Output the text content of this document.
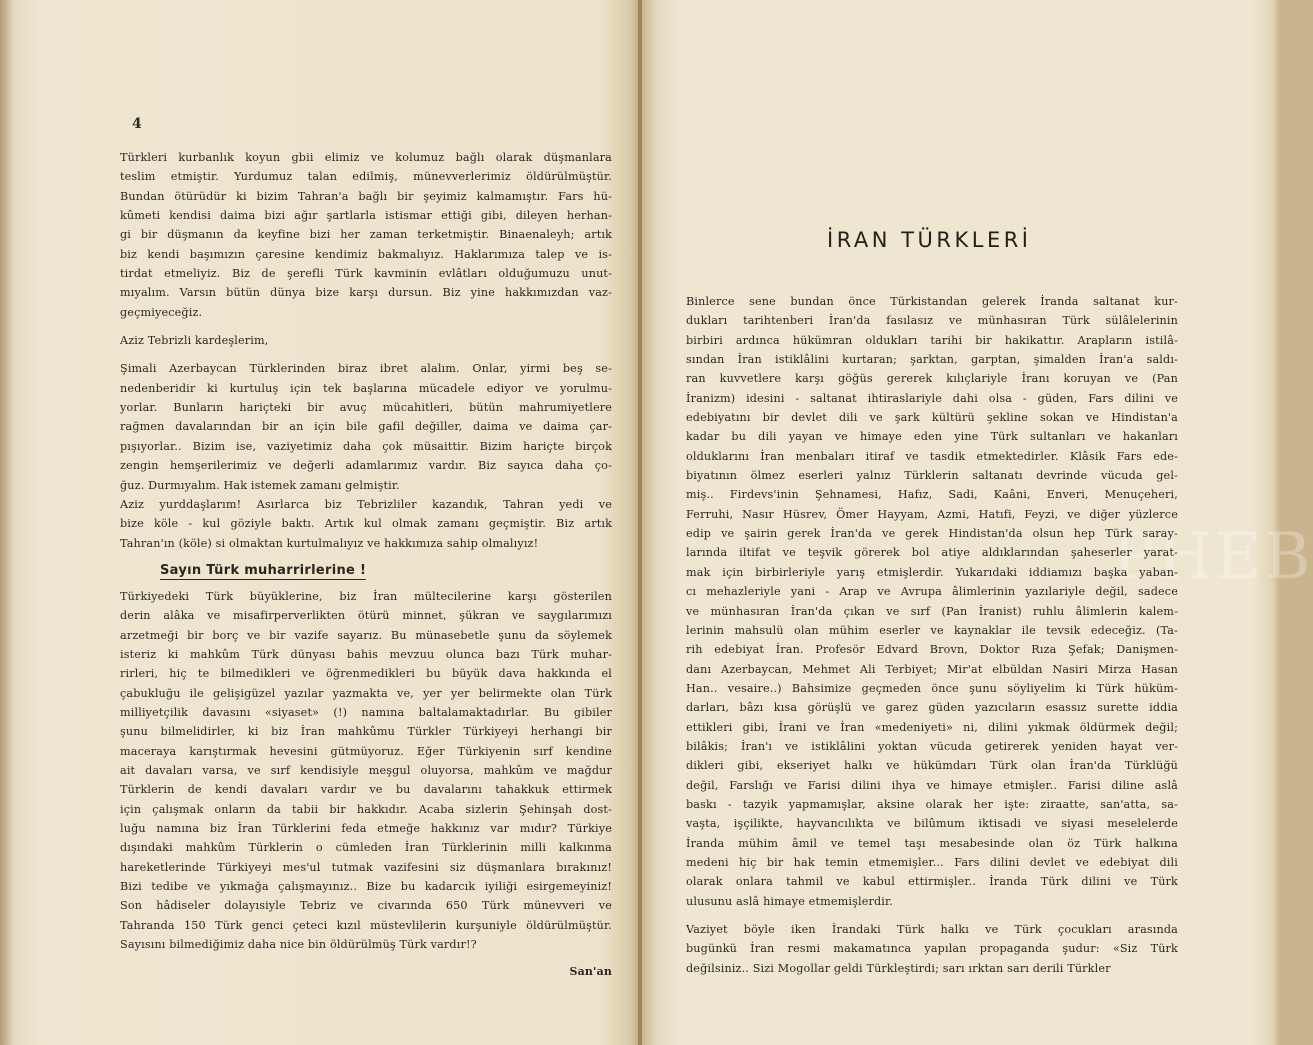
4

Türkleri kurbanlık koyun gbii elimiz ve kolumuz bağlı olarak düşmanlara
teslim etmiştir. Yurdumuz talan edilmiş, münevverlerimiz öldürülmüştür.
Bundan ötürüdür ki bizim Tahran'a bağlı bir şeyimiz kalmamıştır. Fars hü-
kûmeti kendisi daima bizi ağır şartlarla istismar ettiği gibi, dileyen herhan-
gi bir düşmanın da keyfine bizi her zaman terketmiştir. Binaenaleyh; artık
biz kendi başımızın çaresine kendimiz bakmalıyız. Haklarımıza talep ve is-
tirdat etmeliyiz. Biz de şerefli Türk kavminin evlâtları olduğumuzu unut-
mıyalım. Varsın bütün dünya bize karşı dursun. Biz yine hakkımızdan vaz-
geçmiyeceğiz.

Aziz Tebrizli kardeşlerim,

Şimali Azerbaycan Türklerinden biraz ibret alalım. Onlar, yirmi beş se-
nedenberidir ki kurtuluş için tek başlarına mücadele ediyor ve yorulmu-
yorlar. Bunların hariçteki bir avuç mücahitleri, bütün mahrumiyetlere
rağmen davalarından bir an için bile gafil değiller, daima ve daima çar-
pışıyorlar.. Bizim ise, vaziyetimiz daha çok müsaittir. Bizim hariçte birçok
zengin hemşerilerimiz ve değerli adamlarımız vardır. Biz sayıca daha ço-
ğuz. Durmıyalım. Hak istemek zamanı gelmiştir.
Aziz yurddaşlarım! Asırlarca biz Tebrizliler kazandık, Tahran yedi ve
bize köle - kul göziyle baktı. Artık kul olmak zamanı geçmiştir. Biz artık
Tahran'ın (köle) si olmaktan kurtulmalıyız ve hakkımıza sahip olmalıyız!

Sayın Türk muharrirlerine !

Türkiyedeki Türk büyüklerine, biz İran mültecilerine karşı gösterilen
derin alâka ve misafirperverlikten ötürü minnet, şükran ve saygılarımızı
arzetmeği bir borç ve bir vazife sayarız. Bu münasebetle şunu da söylemek
isteriz ki mahkûm Türk dünyası bahis mevzuu olunca bazı Türk muhar-
rirleri, hiç te bilmedikleri ve öğrenmedikleri bu büyük dava hakkında el
çabukluğu ile gelişigüzel yazılar yazmakta ve, yer yer belirmekte olan Türk
milliyetçilik davasını «siyaset» (!) namına baltalamaktadırlar. Bu gibiler
şunu bilmelidirler, ki biz İran mahkûmu Türkler Türkiyeyi herhangi bir
maceraya karıştırmak hevesini gütmüyoruz. Eğer Türkiyenin sırf kendine
ait davaları varsa, ve sırf kendisiyle meşgul oluyorsa, mahkûm ve mağdur
Türklerin de kendi davaları vardır ve bu davalarını tahakkuk ettirmek
için çalışmak onların da tabii bir hakkıdır. Acaba sizlerin Şehinşah dost-
luğu namına biz İran Türklerini feda etmeğe hakkınız var mıdır? Türkiye
dışındaki mahkûm Türklerin o cümleden İran Türklerinin milli kalkınma
hareketlerinde Türkiyeyi mes'ul tutmak vazifesini siz düşmanlara bırakınız!
Bizi tedibe ve yıkmağa çalışmayınız.. Bize bu kadarcık iyiliği esirgemeyiniz!
Son hâdiseler dolayısiyle Tebriz ve civarında 650 Türk münevveri ve
Tahranda 150 Türk genci çeteci kızıl müstevlilerin kurşuniyle öldürülmüştür.
Sayısını bilmediğimiz daha nice bin öldürülmüş Türk vardır!?

San'an
İRAN TÜRKLERİ
PHEB

Binlerce sene bundan önce Türkistandan gelerek İranda saltanat kur-
dukları tarihtenberi İran'da fasılasız ve münhasıran Türk sülâlelerinin
birbiri ardınca hükümran oldukları tarihi bir hakikattır. Arapların istilâ-
sından İran istiklâlini kurtaran; şarktan, garptan, şimalden İran'a saldı-
ran kuvvetlere karşı göğüs gererek kılıçlariyle İranı koruyan ve (Pan
İranizm) idesini - saltanat ihtiraslariyle dahi olsa - güden, Fars dilini ve
edebiyatını bir devlet dili ve şark kültürü şekline sokan ve Hindistan'a
kadar bu dili yayan ve himaye eden yine Türk sultanları ve hakanları
olduklarını İran menbaları itiraf ve tasdik etmektedirler. Klâsik Fars ede-
biyatının ölmez eserleri yalnız Türklerin saltanatı devrinde vücuda gel-
miş.. Firdevs'inin Şehnamesi, Hafız, Sadi, Kaâni, Enveri, Menuçeheri,
Ferruhi, Nasır Hüsrev, Ömer Hayyam, Azmi, Hatıfi, Feyzi, ve diğer yüzlerce
edip ve şairin gerek İran'da ve gerek Hindistan'da olsun hep Türk saray-
larında iltifat ve teşvik görerek bol atiye aldıklarından şaheserler yarat-
mak için birbirleriyle yarış etmişlerdir. Yukarıdaki iddiamızı başka yaban-
cı mehazleriyle yani - Arap ve Avrupa âlimlerinin yazılariyle değil, sadece
ve münhasıran İran'da çıkan ve sırf (Pan İranist) ruhlu âlimlerin kalem-
lerinin mahsulü olan mühim eserler ve kaynaklar ile tevsik edeceğiz. (Ta-
rih edebiyat İran. Profesör Edvard Brovn, Doktor Rıza Şefak; Danişmen-
danı Azerbaycan, Mehmet Ali Terbiyet; Mir'at elbüldan Nasiri Mirza Hasan
Han.. vesaire..) Bahsimize geçmeden önce şunu söyliyelim ki Türk hüküm-
darları, bâzı kısa görüşlü ve garez güden yazıcıların esassız surette iddia
ettikleri gibi, İrani ve İran «medeniyeti» ni, dilini yıkmak öldürmek değil;
bilâkis; İran'ı ve istiklâlini yoktan vücuda getirerek yeniden hayat ver-
dikleri gibi, ekseriyet halkı ve hükümdarı Türk olan İran'da Türklüğü
değil, Farslığı ve Farisi dilini ihya ve himaye etmişler.. Farisi diline aslâ
baskı - tazyik yapmamışlar, aksine olarak her işte: ziraatte, san'atta, sa-
vaşta, işçilikte, hayvancılıkta ve bilûmum iktisadi ve siyasi meselelerde
İranda mühim âmil ve temel taşı mesabesinde olan öz Türk halkına
medeni hiç bir hak temin etmemişler... Fars dilini devlet ve edebiyat dili
olarak onlara tahmil ve kabul ettirmişler.. İranda Türk dilini ve Türk
ulusunu aslâ himaye etmemişlerdir.

Vaziyet böyle iken İrandaki Türk halkı ve Türk çocukları arasında
bugünkü İran resmi makamatınca yapılan propaganda şudur: «Siz Türk
değilsiniz.. Sizi Mogollar geldi Türkleştirdi; sarı ırktan sarı derili Türkler
